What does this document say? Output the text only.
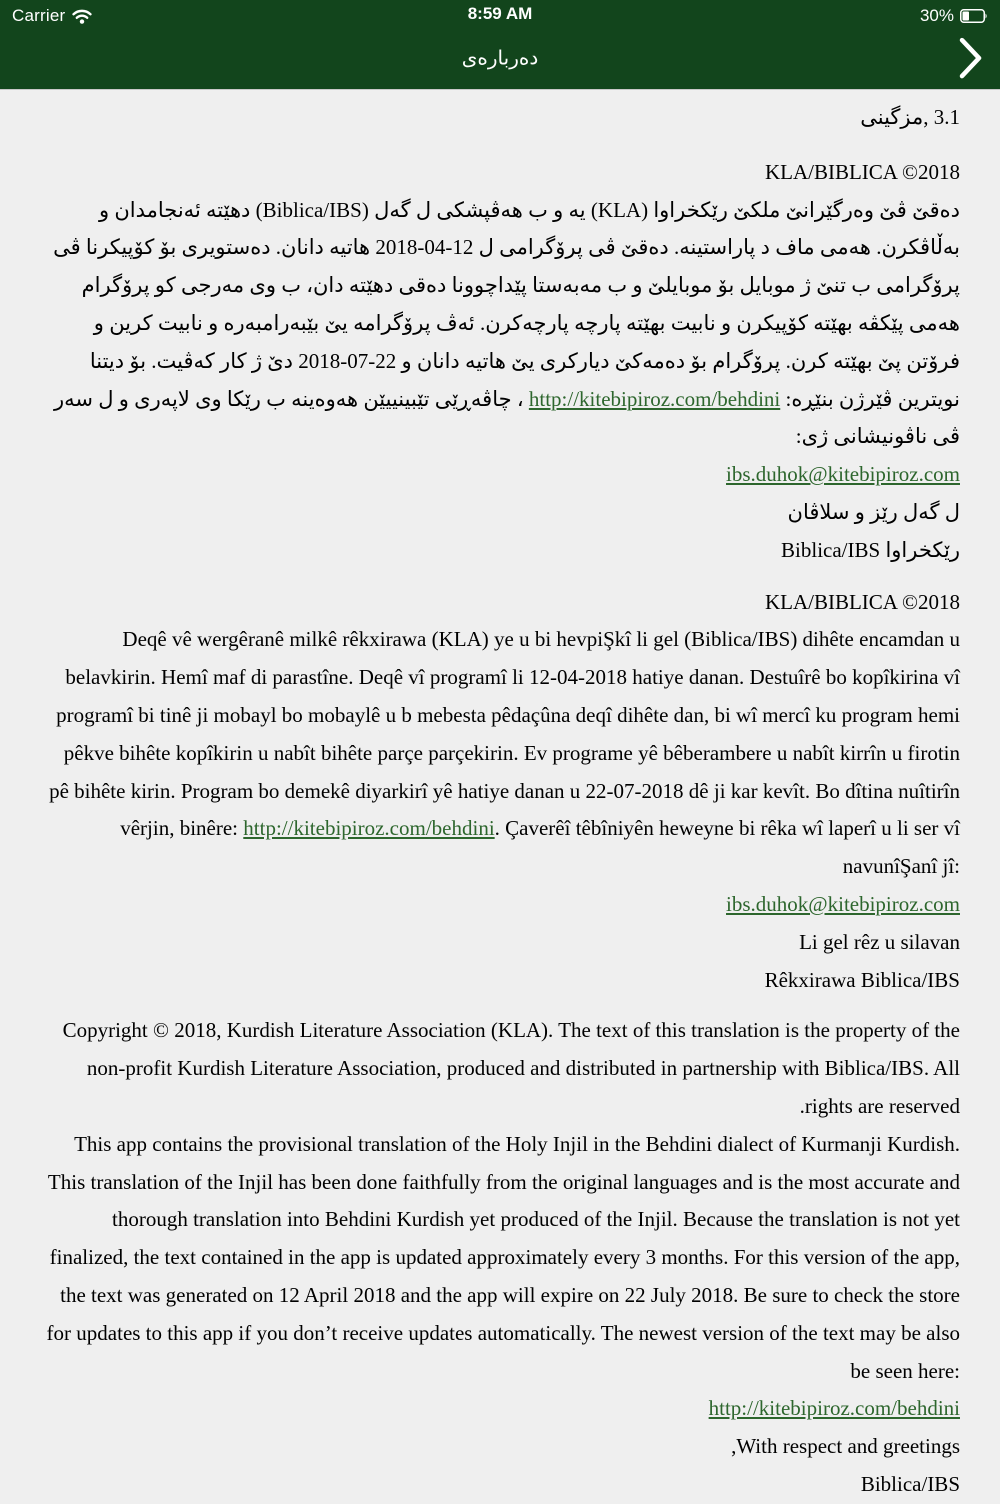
Carrier	8:59 AM	30%
دەربارەی
مزگینی,‎ 3.1
KLA/BIBLICA ©2018

دەقێ ڤێ وەرگێرانێ ملکێ رێکخراوا (KLA) یە و ب هەڤپشکی ل گەل (Biblica/IBS) دهێتە ئەنجامدان و بەڵاڤکرن. هەمی ماف د پاراستینە. دەقێ ڤی پرۆگرامی ل 12-04-2018 هاتیە دانان. دەستویری بۆ کۆپیکرنا ڤی پرۆگرامی ب تنێ ژ موبایل بۆ موبایلێ و ب مەبەستا پێداچوونا دەقی دهێتە دان، ب وی مەرجی کو پرۆگرام هەمی پێکڤە بهێتە کۆپیکرن و نابیت بهێتە پارچە پارچەکرن. ئەڤ پرۆگرامە یێ بێبەرامبەرە و نابیت کرین و فرۆتن پێ بهێتە کرن. پرۆگرام بۆ دەمەکێ دیارکری یێ هاتیە دانان و 22-07-2018 دێ ژ کار کەڤیت. بۆ دیتنا نویترین ڤێرژن بنێڕە: http://kitebipiroz.com/behdini ، چاڤەڕێی تێبینییێن هەوەینە ب رێکا وی لاپەری و ل سەر ڤی ناڤونیشانی ژی:

ibs.duhok@kitebipiroz.com
ل گەل رێز و سلاڤان
رێکخراوا Biblica/IBS
KLA/BIBLICA ©2018

Deqê vê wergêranê milkê rêkxirawa (KLA) ye u bi hevpiŞkî li gel (Biblica/IBS) dihête encamdan u belavkirin. Hemî maf di parastîne. Deqê vî programî li 12-04-2018 hatiye danan. Destuîrê bo kopîkirina vî programî bi tinê ji mobayl bo mobaylê u b mebesta pêdaçûna deqî dihête dan, bi wî mercî ku program hemi pêkve bihête kopîkirin u nabît bihête parçe parçekirin. Ev programe yê bêberambere u nabît kirrîn u firotin pê bihête kirin. Program bo demekê diyarkirî yê hatiye danan u 22-07-2018 dê ji kar kevît. Bo dîtina nuîtirîn vêrjin, binêre: http://kitebipiroz.com/behdini. Çaverêî têbîniyên heweyne bi rêka wî laperî u li ser vî navunîŞanî jî:‎

ibs.duhok@kitebipiroz.com
Li gel rêz u silavan
Rêkxirawa Biblica/IBS

Copyright © 2018, Kurdish Literature Association (KLA). The text of this translation is the property of the non-profit Kurdish Literature Association, produced and distributed in partnership with Biblica/IBS. All rights are reserved.

This app contains the provisional translation of the Holy Injil in the Behdini dialect of Kurmanji Kurdish. This translation of the Injil has been done faithfully from the original languages and is the most accurate and thorough translation into Behdini Kurdish yet produced of the Injil. Because the translation is not yet finalized, the text contained in the app is updated approximately every 3 months. For this version of the app, the text was generated on 12 April 2018 and the app will expire on 22 July 2018. Be sure to check the store for updates to this app if you don’t receive updates automatically. The newest version of the text may be also be seen here:‎

http://kitebipiroz.com/behdini
With respect and greetings,
Biblica/IBS
